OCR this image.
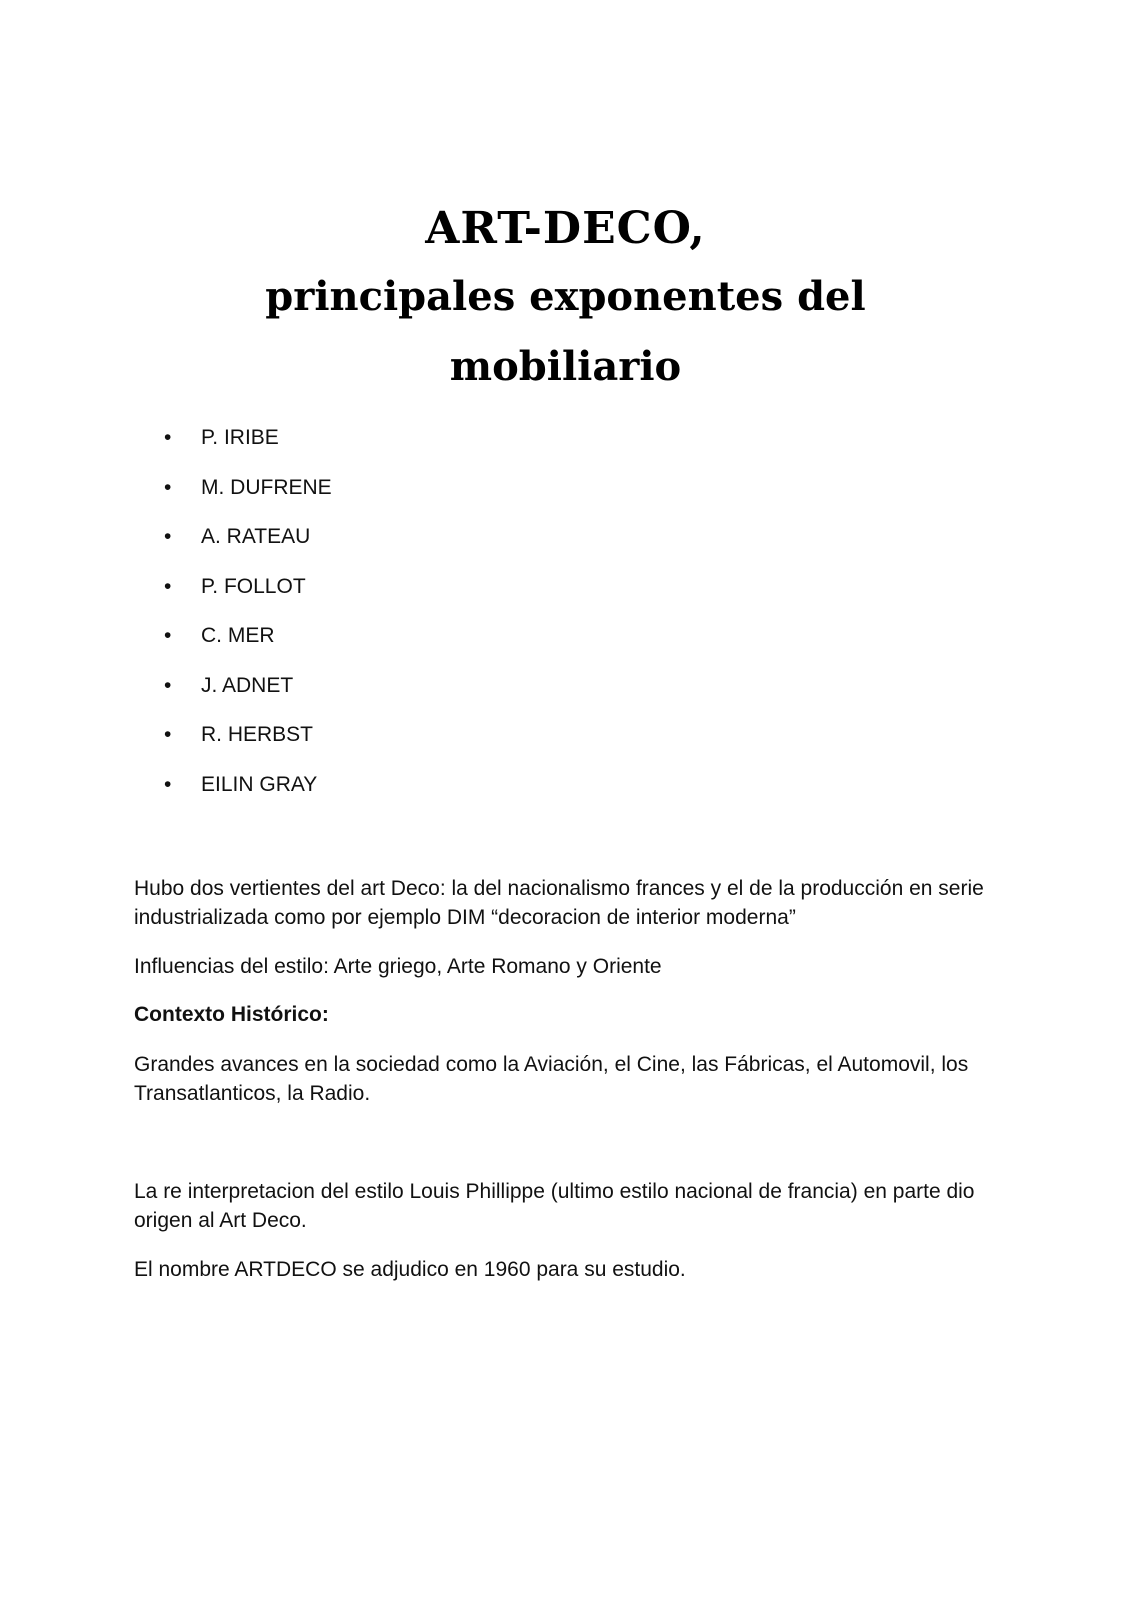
ART-DECO,
principales exponentes del
mobiliario
• P. IRIBE
• M. DUFRENE
• A. RATEAU
• P. FOLLOT
• C. MER
• J. ADNET
• R. HERBST
• EILIN GRAY

Hubo dos vertientes del art Deco: la del nacionalismo frances y el de la producción en serie industrializada como por ejemplo DIM “decoracion de interior moderna”

Influencias del estilo: Arte griego, Arte Romano y Oriente

Contexto Histórico:

Grandes avances en la sociedad como la Aviación, el Cine, las Fábricas, el Automovil, los Transatlanticos, la Radio.

La re interpretacion del estilo Louis Phillippe (ultimo estilo nacional de francia) en parte dio origen al Art Deco.

El nombre ARTDECO se adjudico en 1960 para su estudio.
